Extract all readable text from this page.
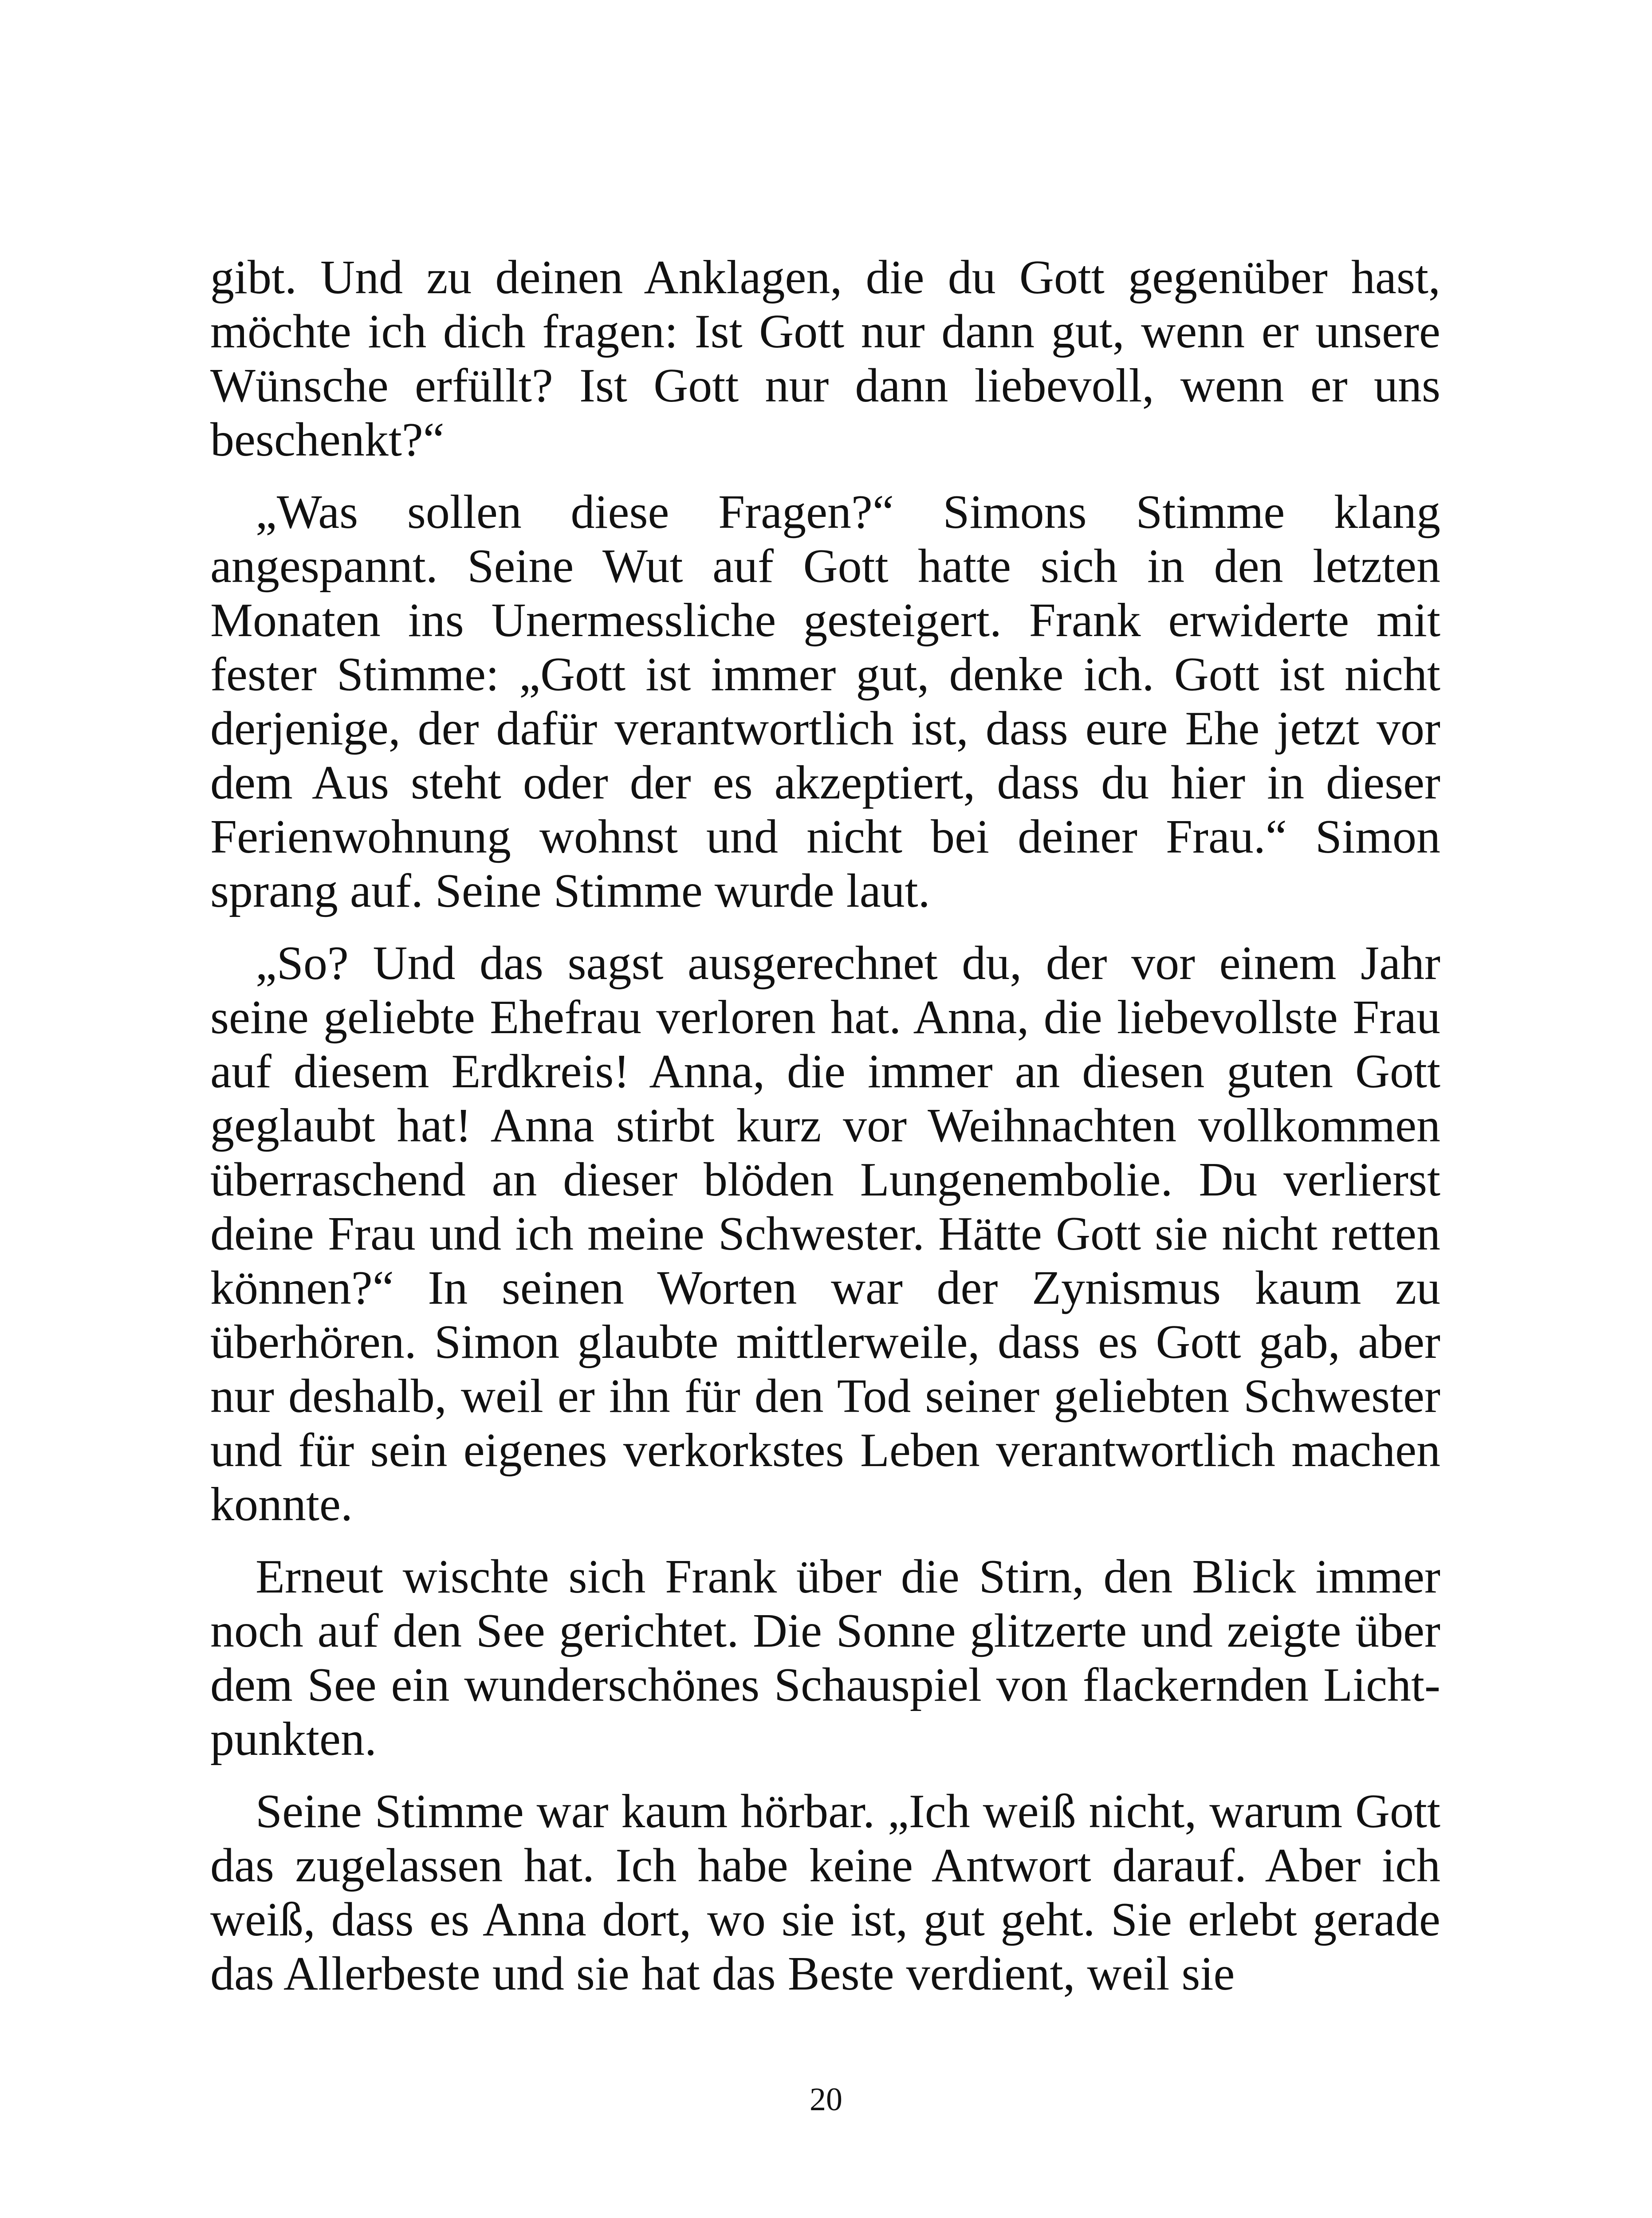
gibt. Und zu deinen Anklagen, die du Gott gegenüber hast, möchte ich dich fragen: Ist Gott nur dann gut, wenn er unsere Wünsche erfüllt? Ist Gott nur dann liebevoll, wenn er uns beschenkt?“

„Was sollen diese Fragen?“ Simons Stimme klang angespannt. Seine Wut auf Gott hatte sich in den letzten Monaten ins Unermessliche gesteigert. Frank erwiderte mit fester Stimme: „Gott ist immer gut, denke ich. Gott ist nicht derjenige, der dafür verantwortlich ist, dass eure Ehe jetzt vor dem Aus steht oder der es akzeptiert, dass du hier in dieser Ferienwohnung wohnst und nicht bei deiner Frau.“ Simon sprang auf. Seine Stimme wurde laut.

„So? Und das sagst ausgerechnet du, der vor einem Jahr seine geliebte Ehefrau verloren hat. Anna, die liebevollste Frau auf diesem Erdkreis! Anna, die immer an diesen guten Gott geglaubt hat! Anna stirbt kurz vor Weihnachten vollkommen überraschend an dieser blöden Lungenembolie. Du verlierst deine Frau und ich meine Schwester. Hätte Gott sie nicht retten können?“ In seinen Worten war der Zynismus kaum zu überhören. Simon glaubte mittlerweile, dass es Gott gab, aber nur deshalb, weil er ihn für den Tod seiner geliebten Schwester und für sein eigenes verkorkstes Leben verantwortlich machen konnte.

Erneut wischte sich Frank über die Stirn, den Blick immer noch auf den See gerichtet. Die Sonne glitzerte und zeigte über dem See ein wunderschönes Schauspiel von flackernden Lichtpunkten.

Seine Stimme war kaum hörbar. „Ich weiß nicht, warum Gott das zugelassen hat. Ich habe keine Antwort darauf. Aber ich weiß, dass es Anna dort, wo sie ist, gut geht. Sie erlebt gerade das Allerbeste und sie hat das Beste verdient, weil sie

20
